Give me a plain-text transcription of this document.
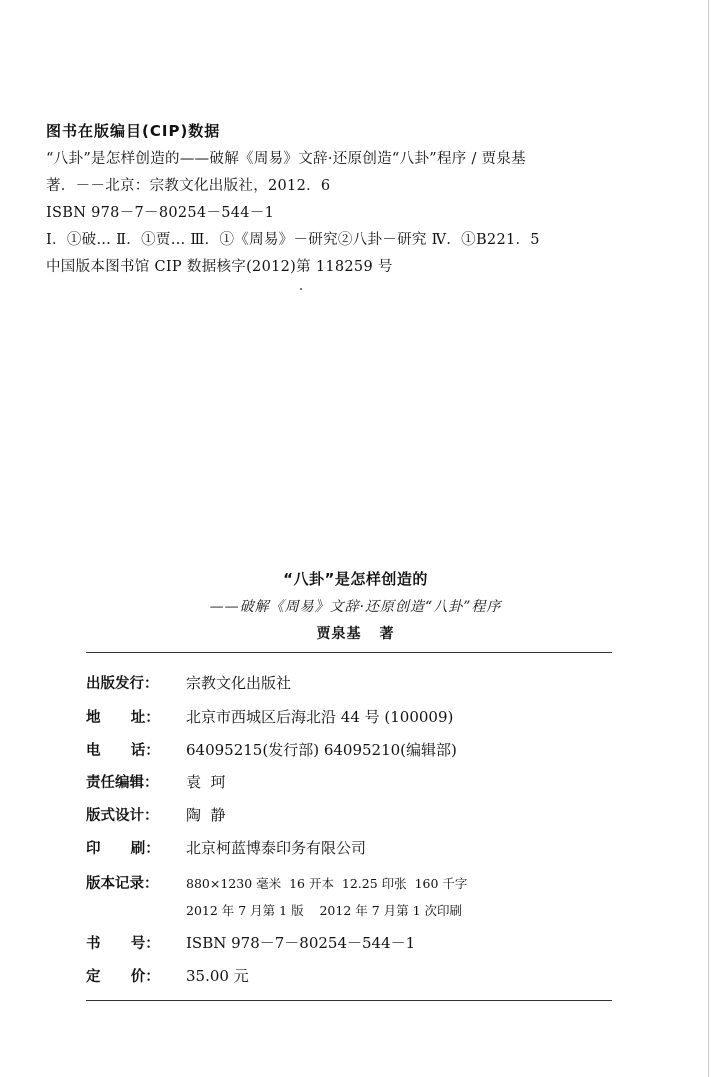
图书在版编目(CIP)数据
“八卦”是怎样创造的——破解《周易》文辞·还原创造“八卦”程序 / 贾泉基
著．－－北京：宗教文化出版社，2012．6
ISBN 978－7－80254－544－1
Ⅰ．①破… Ⅱ．①贾… Ⅲ．①《周易》－研究②八卦－研究 Ⅳ．①B221．5
中国版本图书馆 CIP 数据核字(2012)第 118259 号
“八卦”是怎样创造的
——破解《周易》文辞·还原创造“八卦”程序
贾泉基 著
出版发行： 宗教文化出版社
地      址： 北京市西城区后海北沿 44 号 (100009)
电      话： 64095215(发行部) 64095210(编辑部)
责任编辑： 袁  珂
版式设计： 陶  静
印      刷： 北京柯蓝博泰印务有限公司
版本记录： 880×1230 毫米  16 开本  12.25 印张  160 千字
2012 年 7 月第 1 版    2012 年 7 月第 1 次印刷
书      号： ISBN 978－7－80254－544－1
定      价： 35.00 元
